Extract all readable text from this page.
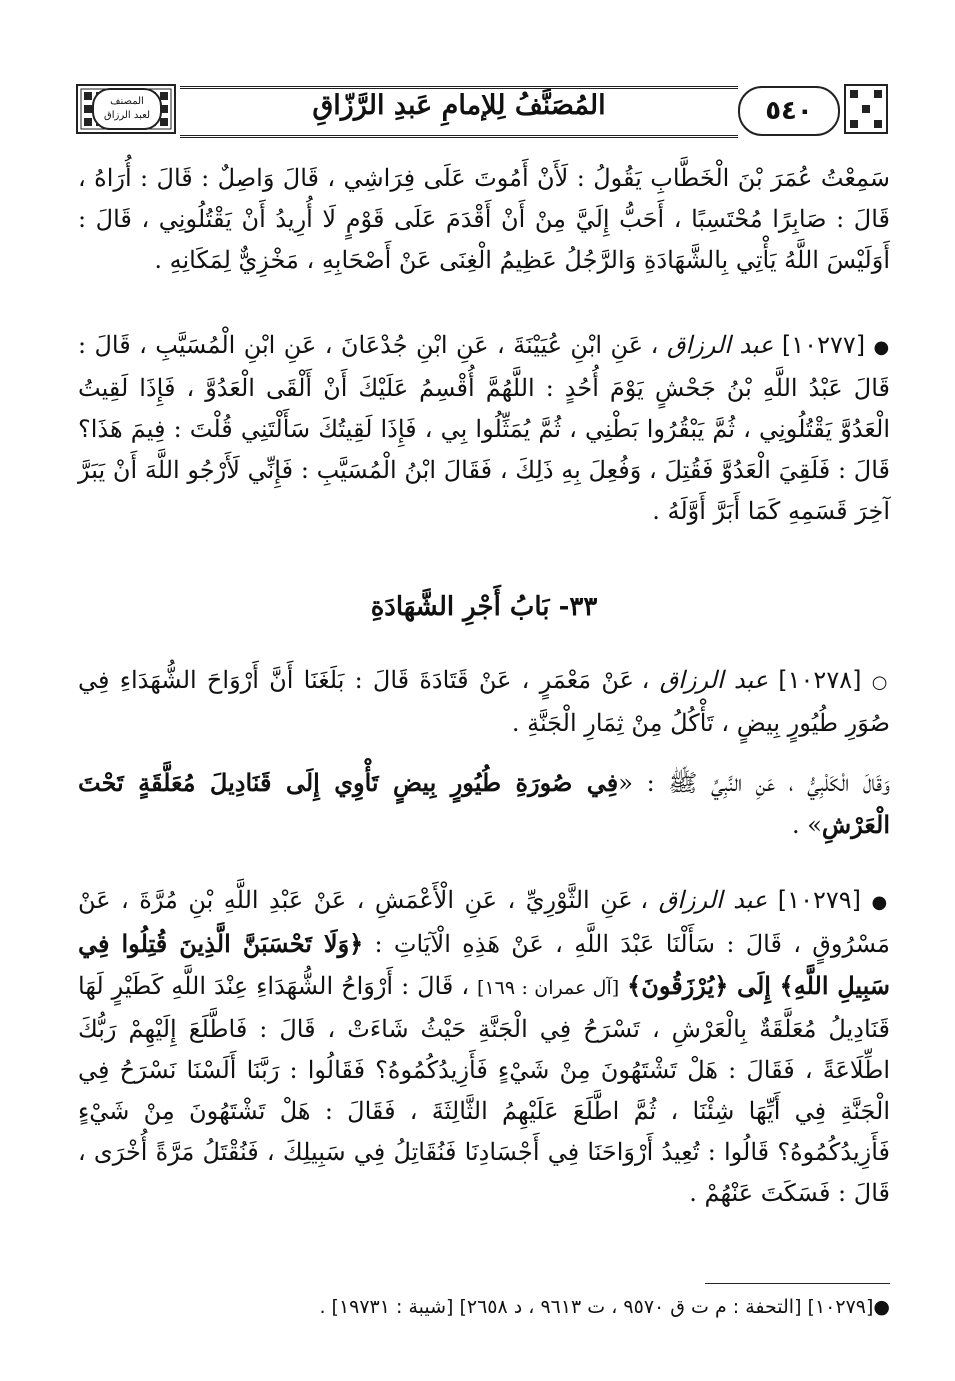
المصنف
لعبد الرزاق	المُصَنَّفُ لِلإمامِ عَبدِ الرَّزّاقِ	٥٤٠
سَمِعْتُ عُمَرَ بْنَ الْخَطَّابِ يَقُولُ : لَأَنْ أَمُوتَ عَلَى فِرَاشِي ، قَالَ وَاصِلٌ : قَالَ : أُرَاهُ ، قَالَ : صَابِرًا مُحْتَسِبًا ، أَحَبُّ إِلَيَّ مِنْ أَنْ أَقْدَمَ عَلَى قَوْمٍ لَا أُرِيدُ أَنْ يَقْتُلُونِي ، قَالَ : أَوَلَيْسَ اللَّهُ يَأْتِي بِالشَّهَادَةِ وَالرَّجُلُ عَظِيمُ الْغِنَى عَنْ أَصْحَابِهِ ، مَخْزِيٌّ لِمَكَانِهِ .
● [١٠٢٧٧] عبد الرزاق ، عَنِ ابْنِ عُيَيْنَةَ ، عَنِ ابْنِ جُدْعَانَ ، عَنِ ابْنِ الْمُسَيَّبِ ، قَالَ : قَالَ عَبْدُ اللَّهِ بْنُ جَحْشٍ يَوْمَ أُحُدٍ : اللَّهُمَّ أُقْسِمُ عَلَيْكَ أَنْ أَلْقَى الْعَدُوَّ ، فَإِذَا لَقِيتُ الْعَدُوَّ يَقْتُلُونِي ، ثُمَّ يَبْقُرُوا بَطْنِي ، ثُمَّ يُمَثِّلُوا بِي ، فَإِذَا لَقِيتُكَ سَأَلْتَنِي قُلْتَ : فِيمَ هَذَا؟ قَالَ : فَلَقِيَ الْعَدُوَّ فَقُتِلَ ، وَفُعِلَ بِهِ ذَلِكَ ، فَقَالَ ابْنُ الْمُسَيَّبِ : فَإِنِّي لَأَرْجُو اللَّهَ أَنْ يَبَرَّ آخِرَ قَسَمِهِ كَمَا أَبَرَّ أَوَّلَهُ .
٣٣- بَابُ أَجْرِ الشَّهَادَةِ
○ [١٠٢٧٨] عبد الرزاق ، عَنْ مَعْمَرٍ ، عَنْ قَتَادَةَ قَالَ : بَلَغَنَا أَنَّ أَرْوَاحَ الشُّهَدَاءِ فِي صُوَرِ طُيُورٍ بِيضٍ ، تَأْكُلُ مِنْ ثِمَارِ الْجَنَّةِ .
وَقَالَ الْكَلْبِيُّ ، عَنِ النَّبِيِّ ﷺ : «فِي صُورَةِ طُيُورٍ بِيضٍ تَأْوِي إِلَى قَنَادِيلَ مُعَلَّقَةٍ تَحْتَ الْعَرْشِ» .
● [١٠٢٧٩] عبد الرزاق ، عَنِ الثَّوْرِيِّ ، عَنِ الْأَعْمَشِ ، عَنْ عَبْدِ اللَّهِ بْنِ مُرَّةَ ، عَنْ مَسْرُوقٍ ، قَالَ : سَأَلْنَا عَبْدَ اللَّهِ ، عَنْ هَذِهِ الْآيَاتِ : ﴿وَلَا تَحْسَبَنَّ الَّذِينَ قُتِلُوا فِي سَبِيلِ اللَّهِ﴾ إِلَى ﴿يُرْزَقُونَ﴾ [آل عمران : ١٦٩] ، قَالَ : أَرْوَاحُ الشُّهَدَاءِ عِنْدَ اللَّهِ كَطَيْرٍ لَهَا قَنَادِيلُ مُعَلَّقَةٌ بِالْعَرْشِ ، تَسْرَحُ فِي الْجَنَّةِ حَيْثُ شَاءَتْ ، قَالَ : فَاطَّلَعَ إِلَيْهِمْ رَبُّكَ اطِّلَاعَةً ، فَقَالَ : هَلْ تَشْتَهُونَ مِنْ شَيْءٍ فَأَزِيدُكُمُوهُ؟ فَقَالُوا : رَبَّنَا أَلَسْنَا نَسْرَحُ فِي الْجَنَّةِ فِي أَيِّهَا شِئْنَا ، ثُمَّ اطَّلَعَ عَلَيْهِمُ الثَّالِثَةَ ، فَقَالَ : هَلْ تَشْتَهُونَ مِنْ شَيْءٍ فَأَزِيدُكُمُوهُ؟ قَالُوا : تُعِيدُ أَرْوَاحَنَا فِي أَجْسَادِنَا فَنُقَاتِلُ فِي سَبِيلِكَ ، فَنُقْتَلُ مَرَّةً أُخْرَى ، قَالَ : فَسَكَتَ عَنْهُمْ .
●[١٠٢٧٩] [التحفة : م ت ق ٩٥٧٠ ، ت ٩٦١٣ ، د ٢٦٥٨] [شيبة : ١٩٧٣١] .
